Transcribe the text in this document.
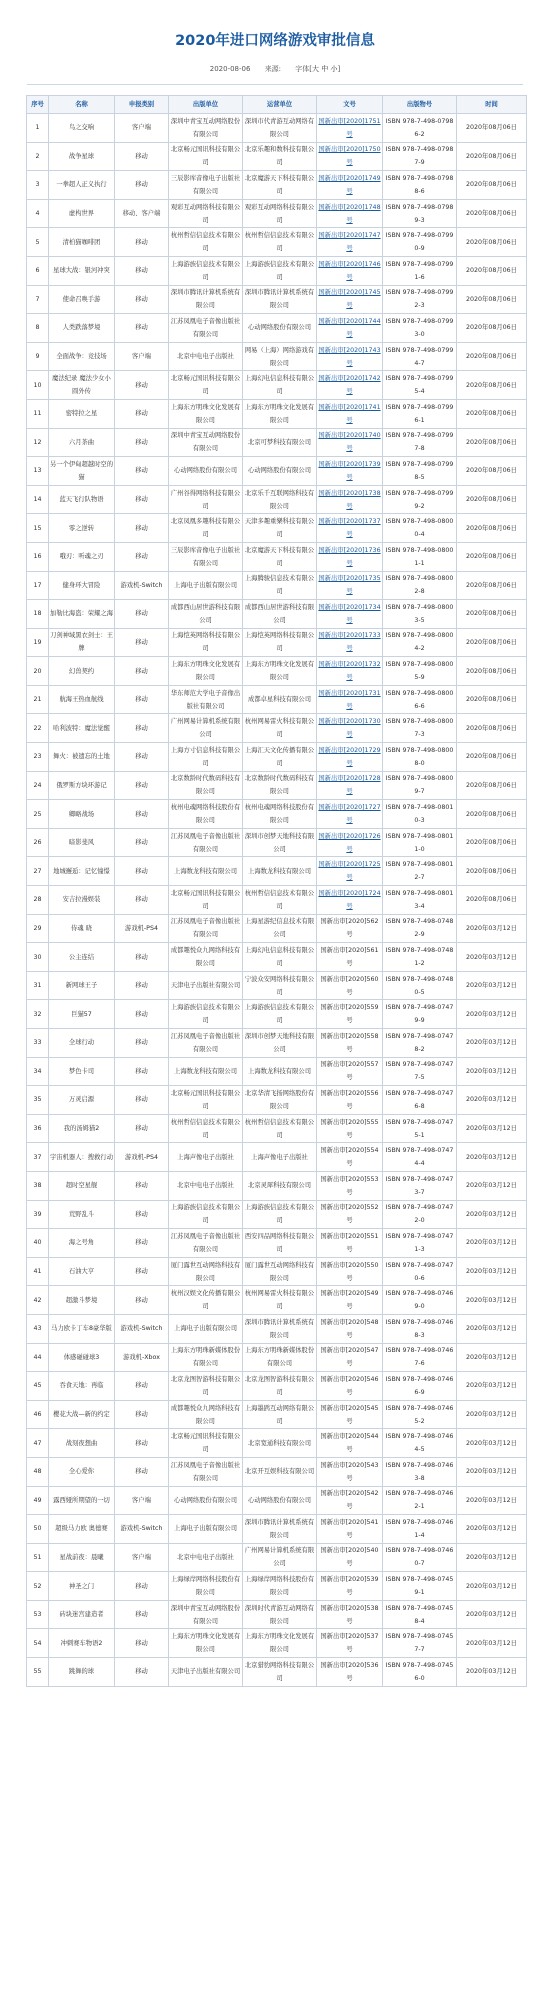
2020年进口网络游戏审批信息
2020-08-06 来源: 字体[大 中 小]
序号	名称	申报类别	出版单位	运营单位	文号	出版物号	时间
1	鸟之交响	客户端	深圳中青宝互动网络股份有限公司	深圳市代青游互动网络有限公司	国新出审[2020]1751号	ISBN 978-7-498-07986-2	2020年08月06日
2	战争星球	移动	北京畅元国讯科技有限公司	北京乐趣和数科技有限公司	国新出审[2020]1750号	ISBN 978-7-498-07987-9	2020年08月06日
3	一拳超人正义执行	移动	三辰影库音像电子出版社有限公司	北京魔游天下科技有限公司	国新出审[2020]1749号	ISBN 978-7-498-07988-6	2020年08月06日
4	虚构世界	移动、客户端	观彩互动网络科技有限公司	观彩互动网络科技有限公司	国新出审[2020]1748号	ISBN 978-7-498-07989-3	2020年08月06日
5	清柏猫咖啡团	移动	杭州哲信信息技术有限公司	杭州哲信信息技术有限公司	国新出审[2020]1747号	ISBN 978-7-498-07990-9	2020年08月06日
6	星球大战：银河冲突	移动	上海游族信息技术有限公司	上海游族信息技术有限公司	国新出审[2020]1746号	ISBN 978-7-498-07991-6	2020年08月06日
7	使命召唤手游	移动	深圳市腾讯计算机系统有限公司	深圳市腾讯计算机系统有限公司	国新出审[2020]1745号	ISBN 978-7-498-07992-3	2020年08月06日
8	人类跌落梦境	移动	江苏凤凰电子音像出版社有限公司	心动网络股份有限公司	国新出审[2020]1744号	ISBN 978-7-498-07993-0	2020年08月06日
9	全面战争：竞技场	客户端	北京中电电子出版社	网易（上海）网络游戏有限公司	国新出审[2020]1743号	ISBN 978-7-498-07994-7	2020年08月06日
10	魔法纪录 魔法少女小圆外传	移动	北京畅元国讯科技有限公司	上海幻电信息科技有限公司	国新出审[2020]1742号	ISBN 978-7-498-07995-4	2020年08月06日
11	密特拉之星	移动	上海东方明珠文化发展有限公司	上海东方明珠文化发展有限公司	国新出审[2020]1741号	ISBN 978-7-498-07996-1	2020年08月06日
12	六月茶曲	移动	深圳中青宝互动网络股份有限公司	北京可梦科技有限公司	国新出审[2020]1740号	ISBN 978-7-498-07997-8	2020年08月06日
13	另一个伊甸超越时空的猫	移动	心动网络股份有限公司	心动网络股份有限公司	国新出审[2020]1739号	ISBN 978-7-498-07998-5	2020年08月06日
14	蓝天飞行队物语	移动	广州谷得网络科技有限公司	北京乐千互联网络科技有限公司	国新出审[2020]1738号	ISBN 978-7-498-07999-2	2020年08月06日
15	零之逆转	移动	北京凤凰多趣科技有限公司	天津多趣重樂科技有限公司	国新出审[2020]1737号	ISBN 978-7-498-08000-4	2020年08月06日
16	哦刃：听魂之刃	移动	三辰影库音像电子出版社有限公司	北京魔游天下科技有限公司	国新出审[2020]1736号	ISBN 978-7-498-08001-1	2020年08月06日
17	健身环大冒险	游戏机-Switch	上海电子出版有限公司	上海腾骏信息技术有限公司	国新出审[2020]1735号	ISBN 978-7-498-08002-8	2020年08月06日
18	加勒比海盗：荣耀之海	移动	成都西山居世游科技有限公司	成都西山居世游科技有限公司	国新出审[2020]1734号	ISBN 978-7-498-08003-5	2020年08月06日
19	刀剑神域黑衣剑士：王牌	移动	上海恺英网络科技有限公司	上海恺英网络科技有限公司	国新出审[2020]1733号	ISBN 978-7-498-08004-2	2020年08月06日
20	幻兽契约	移动	上海东方明珠文化发展有限公司	上海东方明珠文化发展有限公司	国新出审[2020]1732号	ISBN 978-7-498-08005-9	2020年08月06日
21	航海王热血航线	移动	华东师范大学电子音像出版社有限公司	成都卓星科技有限公司	国新出审[2020]1731号	ISBN 978-7-498-08006-6	2020年08月06日
22	哈利波特：魔法觉醒	移动	广州网易计算机系统有限公司	杭州网易雷火科技有限公司	国新出审[2020]1730号	ISBN 978-7-498-08007-3	2020年08月06日
23	舞火：被遗忘的土地	移动	上海方寸信息科技有限公司	上海汇天文化传播有限公司	国新出审[2020]1729号	ISBN 978-7-498-08008-0	2020年08月06日
24	俄罗斯方块环游记	移动	北京数龄时代数码科技有限公司	北京数龄时代数码科技有限公司	国新出审[2020]1728号	ISBN 978-7-498-08009-7	2020年08月06日
25	卿略战场	移动	杭州电魂网络科技股份有限公司	杭州电魂网络科技股份有限公司	国新出审[2020]1727号	ISBN 978-7-498-08010-3	2020年08月06日
26	暗影斐风	移动	江苏凤凰电子音像出版社有限公司	深圳市创梦天地科技有限公司	国新出审[2020]1726号	ISBN 978-7-498-08011-0	2020年08月06日
27	地城邂逅：记忆憧憬	移动	上海数龙科技有限公司	上海数龙科技有限公司	国新出审[2020]1725号	ISBN 978-7-498-08012-7	2020年08月06日
28	安吉拉漫娱装	移动	北京畅元国讯科技有限公司	杭州哲信信息技术有限公司	国新出审[2020]1724号	ISBN 978-7-498-08013-4	2020年08月06日
29	侍魂 晓	游戏机-PS4	江苏凤凰电子音像出版社有限公司	上海星游纪信息技术有限公司	国新出审[2020]562号	ISBN 978-7-498-07482-9	2020年03月12日
30	公主连结	移动	成都趣悦众九网络科技有限公司	上海幻电信息科技有限公司	国新出审[2020]561号	ISBN 978-7-498-07481-2	2020年03月12日
31	新网球王子	移动	天津电子出版社有限公司	宁波众安网络科技有限公司	国新出审[2020]560号	ISBN 978-7-498-07480-5	2020年03月12日
32	巨猫57	移动	上海游族信息技术有限公司	上海游族信息技术有限公司	国新出审[2020]559号	ISBN 978-7-498-07479-9	2020年03月12日
33	全球行动	移动	江苏凤凰电子音像出版社有限公司	深圳市创梦天地科技有限公司	国新出审[2020]558号	ISBN 978-7-498-07478-2	2020年03月12日
34	梦色卡司	移动	上海数龙科技有限公司	上海数龙科技有限公司	国新出审[2020]557号	ISBN 978-7-498-07477-5	2020年03月12日
35	万灵启源	移动	北京畅元国讯科技有限公司	北京华清飞扬网络股份有限公司	国新出审[2020]556号	ISBN 978-7-498-07476-8	2020年03月12日
36	我的汤姆猫2	移动	杭州哲信信息技术有限公司	杭州哲信信息技术有限公司	国新出审[2020]555号	ISBN 978-7-498-07475-1	2020年03月12日
37	宇宙机器人：搜救行动	游戏机-PS4	上海声像电子出版社	上海声像电子出版社	国新出审[2020]554号	ISBN 978-7-498-07474-4	2020年03月12日
38	超时空星舰	移动	北京中电电子出版社	北京灵犀科技有限公司	国新出审[2020]553号	ISBN 978-7-498-07473-7	2020年03月12日
39	荒野乱斗	移动	上海游族信息技术有限公司	上海游族信息技术有限公司	国新出审[2020]552号	ISBN 978-7-498-07472-0	2020年03月12日
40	海之号角	移动	江苏凤凰电子音像出版社有限公司	西安四品网络科技有限公司	国新出审[2020]551号	ISBN 978-7-498-07471-3	2020年03月12日
41	石油大亨	移动	厦门露世互动网络科技有限公司	厦门露世互动网络科技有限公司	国新出审[2020]550号	ISBN 978-7-498-07470-6	2020年03月12日
42	超激斗梦境	移动	杭州汉娱文化传播有限公司	杭州网易雷火科技有限公司	国新出审[2020]549号	ISBN 978-7-498-07469-0	2020年03月12日
43	马力欧卡丁车8豪华版	游戏机-Switch	上海电子出版有限公司	深圳市腾讯计算机系统有限公司	国新出审[2020]548号	ISBN 978-7-498-07468-3	2020年03月12日
44	体感碰碰球3	游戏机-Xbox	上海东方明珠新媒体股份有限公司	上海东方明珠新媒体股份有限公司	国新出审[2020]547号	ISBN 978-7-498-07467-6	2020年03月12日
45	吞食天地：再临	移动	北京龙图智游科技有限公司	北京龙图智游科技有限公司	国新出审[2020]546号	ISBN 978-7-498-07466-9	2020年03月12日
46	樱花大战—新的约定	移动	成都趣悦众九网络科技有限公司	上海墨鹍互动网络有限公司	国新出审[2020]545号	ISBN 978-7-498-07465-2	2020年03月12日
47	战刻夜想曲	移动	北京畅元国讯科技有限公司	北京宽通科技有限公司	国新出审[2020]544号	ISBN 978-7-498-07464-5	2020年03月12日
48	全心爱你	移动	江苏凤凰电子音像出版社有限公司	北京开互娱科技有限公司	国新出审[2020]543号	ISBN 978-7-498-07463-8	2020年03月12日
49	露西娅所期望的一切	客户端	心动网络股份有限公司	心动网络股份有限公司	国新出审[2020]542号	ISBN 978-7-498-07462-1	2020年03月12日
50	超级马力欧 奥德赛	游戏机-Switch	上海电子出版有限公司	深圳市腾讯计算机系统有限公司	国新出审[2020]541号	ISBN 978-7-498-07461-4	2020年03月12日
51	星战前夜：晨曦	客户端	北京中电电子出版社	广州网易计算机系统有限公司	国新出审[2020]540号	ISBN 978-7-498-07460-7	2020年03月12日
52	神圣之门	移动	上海绿岸网络科技股份有限公司	上海绿岸网络科技股份有限公司	国新出审[2020]539号	ISBN 978-7-498-07459-1	2020年03月12日
53	砖块迷宫建造者	移动	深圳中青宝互动网络股份有限公司	深圳时代青游互动网络有限公司	国新出审[2020]538号	ISBN 978-7-498-07458-4	2020年03月12日
54	冲刺赛车物语2	移动	上海东方明珠文化发展有限公司	上海东方明珠文化发展有限公司	国新出审[2020]537号	ISBN 978-7-498-07457-7	2020年03月12日
55	跳舞的球	移动	天津电子出版社有限公司	北京猎豹网络科技有限公司	国新出审[2020]536号	ISBN 978-7-498-07456-0	2020年03月12日
